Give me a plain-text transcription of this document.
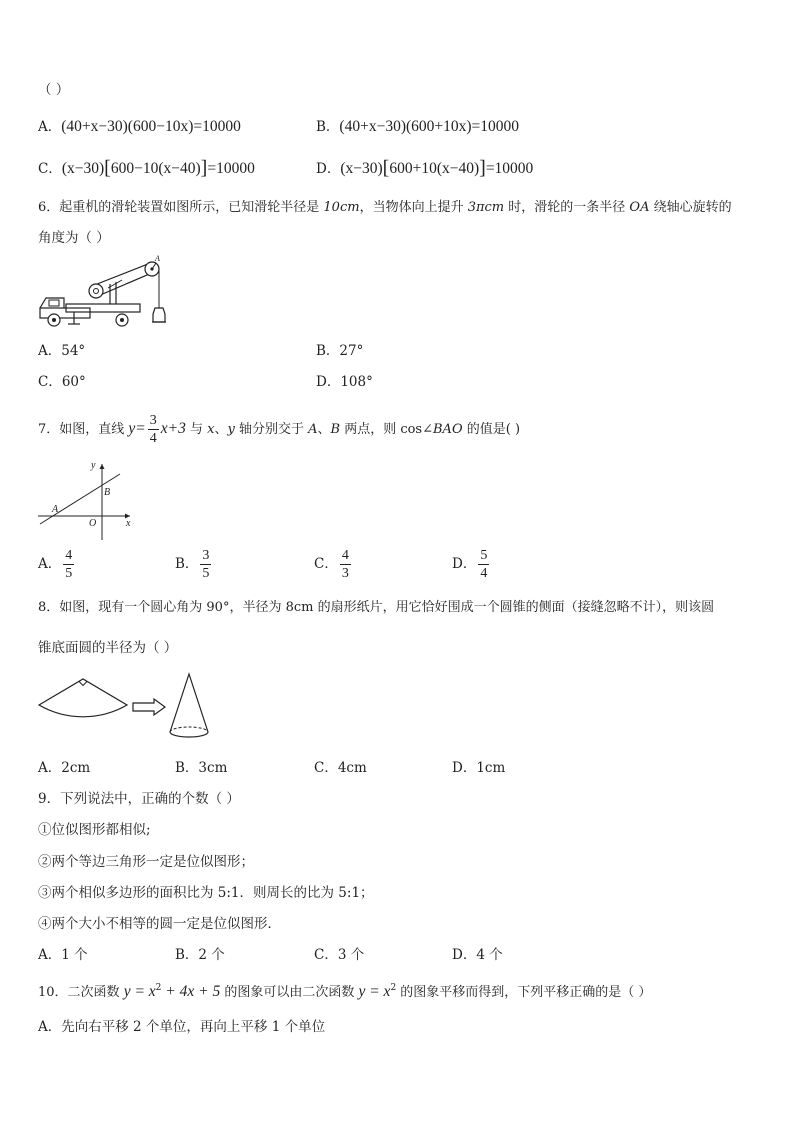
（ ）
A．(40+x−30)(600−10x)=10000	B．(40+x−30)(600+10x)=10000
C．(x−30)[600−10(x−40)]=10000	D．(x−30)[600+10(x−40)]=10000
6．起重机的滑轮装置如图所示，已知滑轮半径是 10cm，当物体向上提升 3πcm 时，滑轮的一条半径 OA 绕轴心旋转的
角度为（ ）
A
A．54°	B．27°
C．60°	D．108°
7．如图，直线 $y= \frac{3}{4} x+3$ 与 x、y 轴分别交于 A、B 两点，则 cos∠BAO 的值是( )
y
B
A
O	x
A． $\frac{4}{5}$	B． $\frac{3}{5}$	C． $\frac{4}{3}$	D． $\frac{5}{4}$
8．如图，现有一个圆心角为 90°，半径为 8cm 的扇形纸片，用它恰好围成一个圆锥的侧面（接缝忽略不计），则该圆
锥底面圆的半径为（ ）
A．2cm	B．3cm	C．4cm	D．1cm
9．下列说法中，正确的个数（ ）
①位似图形都相似;
②两个等边三角形一定是位似图形；
③两个相似多边形的面积比为 5:1．则周长的比为 5:1；
④两个大小不相等的圆一定是位似图形．
A．1 个	B．2 个	C．3 个	D．4 个
10．二次函数 $y = x^2 + 4x + 5$ 的图象可以由二次函数 $y = x^2$ 的图象平移而得到，下列平移正确的是（ ）
A．先向右平移 2 个单位，再向上平移 1 个单位
